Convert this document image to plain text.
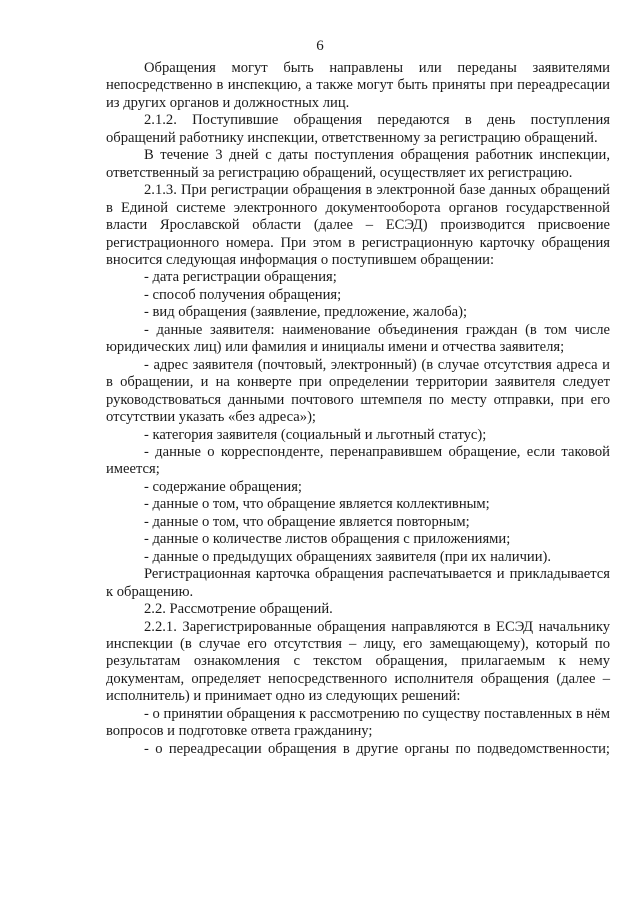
6

Обращения могут быть направлены или переданы заявителями непосредственно в инспекцию, а также могут быть приняты при переадресации из других органов и должностных лиц.

2.1.2. Поступившие обращения передаются в день поступления обращений работнику инспекции, ответственному за регистрацию обращений.

В течение 3 дней с даты поступления обращения работник инспекции, ответственный за регистрацию обращений, осуществляет их регистрацию.

2.1.3. При регистрации обращения в электронной базе данных обращений в Единой системе электронного документооборота органов государственной власти Ярославской области (далее – ЕСЭД) производится присвоение регистрационного номера. При этом в регистрационную карточку обращения вносится следующая информация о поступившем обращении:

- дата регистрации обращения;

- способ получения обращения;

- вид обращения (заявление, предложение, жалоба);

- данные заявителя: наименование объединения граждан (в том числе юридических лиц) или фамилия и инициалы имени и отчества заявителя;

- адрес заявителя (почтовый, электронный) (в случае отсутствия адреса и в обращении, и на конверте при определении территории заявителя следует руководствоваться данными почтового штемпеля по месту отправки, при его отсутствии указать «без адреса»);

- категория заявителя (социальный и льготный статус);

- данные о корреспонденте, перенаправившем обращение, если таковой имеется;

- содержание обращения;

- данные о том, что обращение является коллективным;

- данные о том, что обращение является повторным;

- данные о количестве листов обращения с приложениями;

- данные о предыдущих обращениях заявителя (при их наличии).

Регистрационная карточка обращения распечатывается и прикладывается к обращению.

2.2. Рассмотрение обращений.

2.2.1. Зарегистрированные обращения направляются в ЕСЭД начальнику инспекции (в случае его отсутствия – лицу, его замещающему), который по результатам ознакомления с текстом обращения, прилагаемым к нему документам, определяет непосредственного исполнителя обращения (далее – исполнитель) и принимает одно из следующих решений:

- о принятии обращения к рассмотрению по существу поставленных в нём вопросов и подготовке ответа гражданину;

- о переадресации обращения в другие органы по подведомственности;
